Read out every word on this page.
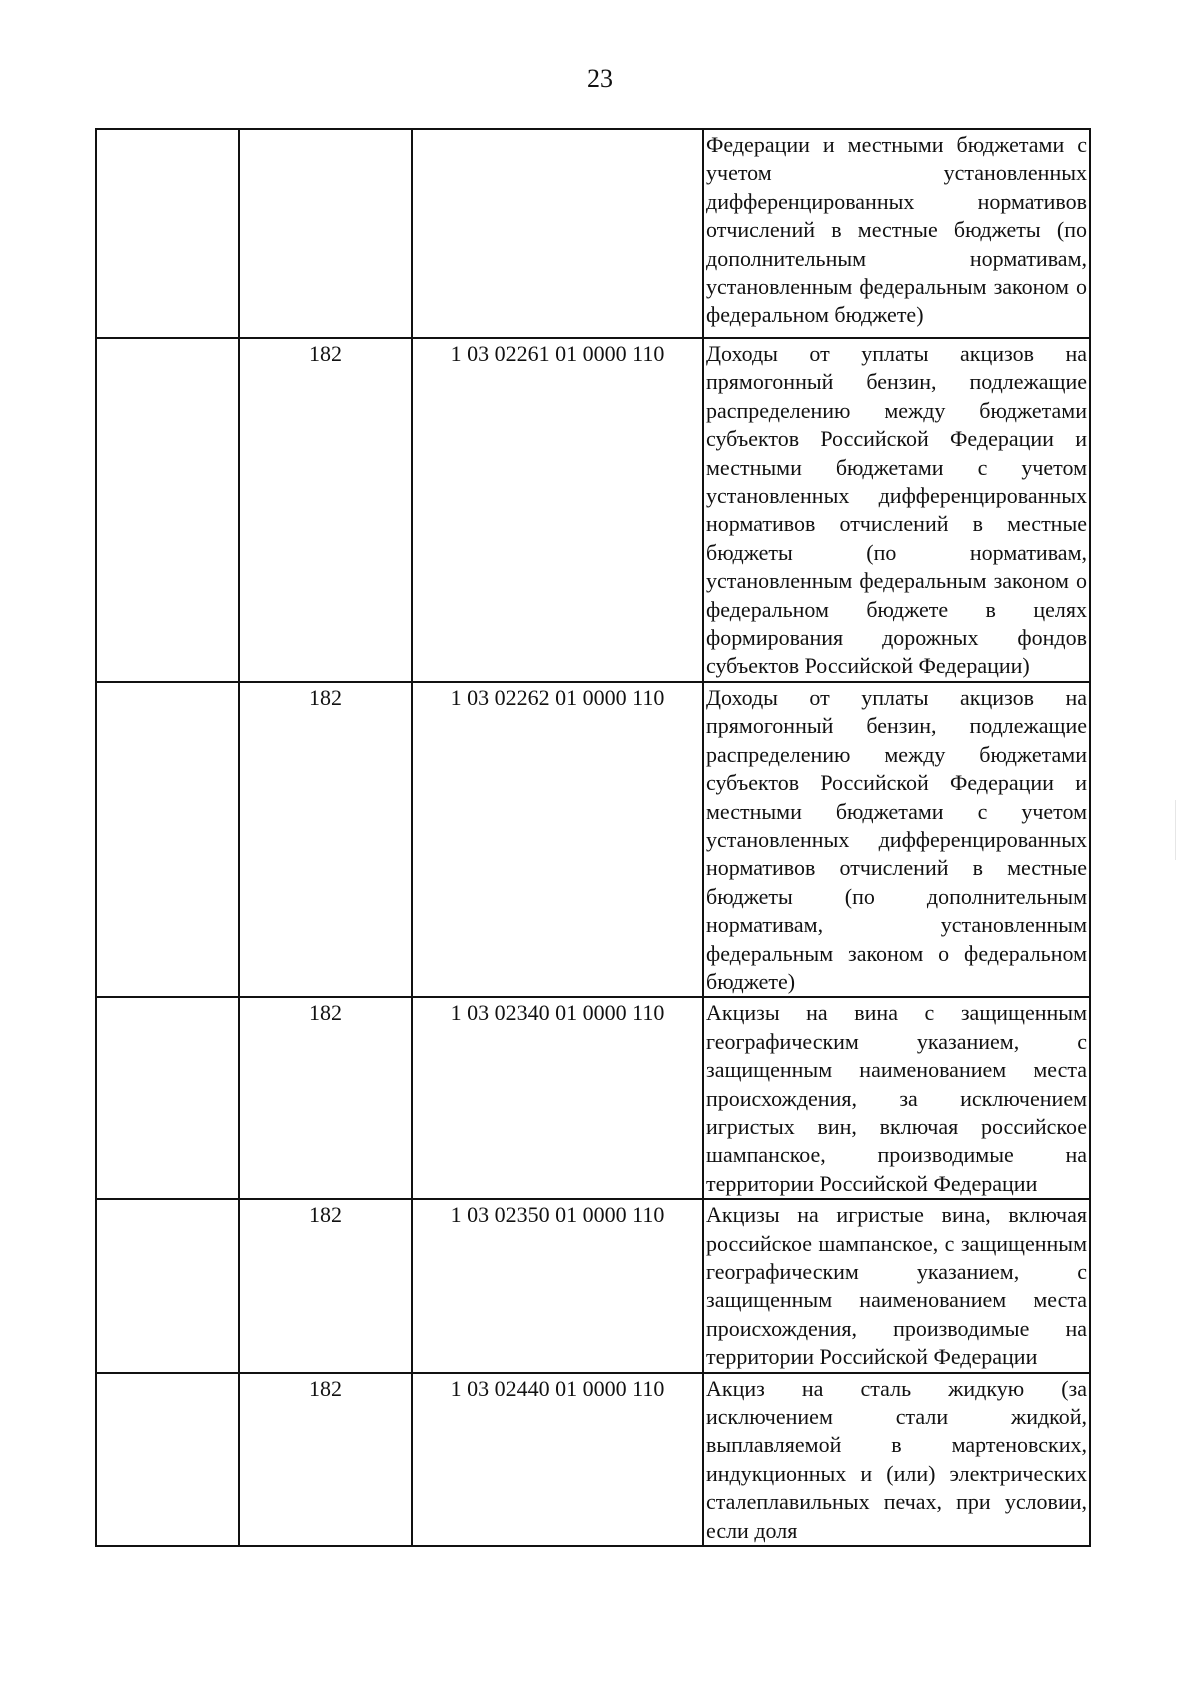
23

			Федерации и местными бюджетами с учетом установленных дифференцированных нормативов отчислений в местные бюджеты (по дополнительным нормативам, установленным федеральным законом о федеральном бюджете)

	182	1 03 02261 01 0000 110	Доходы от уплаты акцизов на прямогонный бензин, подлежащие распределению между бюджетами субъектов Российской Федерации и местными бюджетами с учетом установленных дифференцированных нормативов отчислений в местные бюджеты (по нормативам, установленным федеральным законом о федеральном бюджете в целях формирования дорожных фондов субъектов Российской Федерации)

	182	1 03 02262 01 0000 110	Доходы от уплаты акцизов на прямогонный бензин, подлежащие распределению между бюджетами субъектов Российской Федерации и местными бюджетами с учетом установленных дифференцированных нормативов отчислений в местные бюджеты (по дополнительным нормативам, установленным федеральным законом о федеральном бюджете)

	182	1 03 02340 01 0000 110	Акцизы на вина с защищенным географическим указанием, с защищенным наименованием места происхождения, за исключением игристых вин, включая российское шампанское, производимые на территории Российской Федерации

	182	1 03 02350 01 0000 110	Акцизы на игристые вина, включая российское шампанское, с защищенным географическим указанием, с защищенным наименованием места происхождения, производимые на территории Российской Федерации

	182	1 03 02440 01 0000 110	Акциз на сталь жидкую (за исключением стали жидкой, выплавляемой в мартеновских, индукционных и (или) электрических сталеплавильных печах, при условии, если доля
